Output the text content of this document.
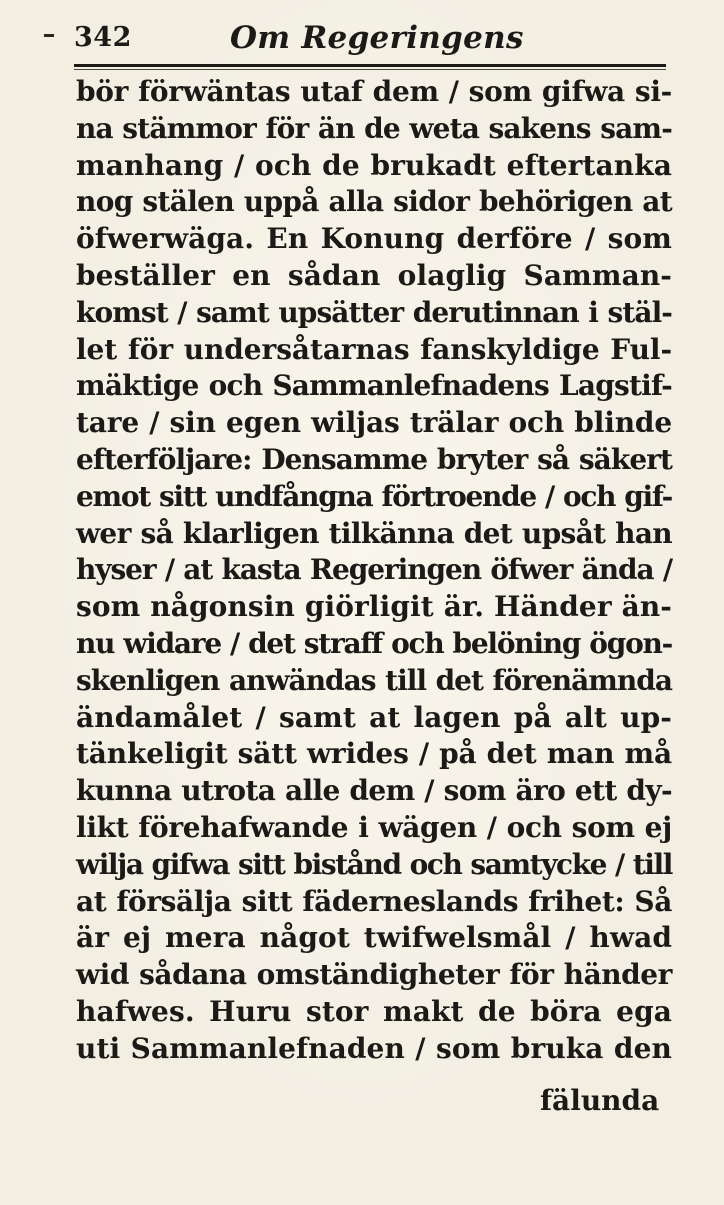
342	Om Regeringens
bör förwäntas utaf dem / som gifwa si-
na stämmor för än de weta sakens sam-
manhang / och de brukadt eftertanka
nog stälen uppå alla sidor behörigen at
öfwerwäga. En Konung derföre / som
beställer en sådan olaglig Samman-
komst / samt upsätter derutinnan i stäl-
let för undersåtarnas fanskyldige Ful-
mäktige och Sammanlefnadens Lagstif-
tare / sin egen wiljas trälar och blinde
efterföljare: Densamme bryter så säkert
emot sitt undfångna förtroende / och gif-
wer så klarligen tilkänna det upsåt han
hyser / at kasta Regeringen öfwer ända /
som någonsin giörligit är. Händer än-
nu widare / det straff och belöning ögon-
skenligen anwändas till det förenämnda
ändamålet / samt at lagen på alt up-
tänkeligit sätt wrides / på det man må
kunna utrota alle dem / som äro ett dy-
likt förehafwande i wägen / och som ej
wilja gifwa sitt bistånd och samtycke / till
at försälja sitt fäderneslands frihet: Så
är ej mera något twifwelsmål / hwad
wid sådana omständigheter för händer
hafwes. Huru stor makt de böra ega
uti Sammanlefnaden / som bruka den
fälunda
